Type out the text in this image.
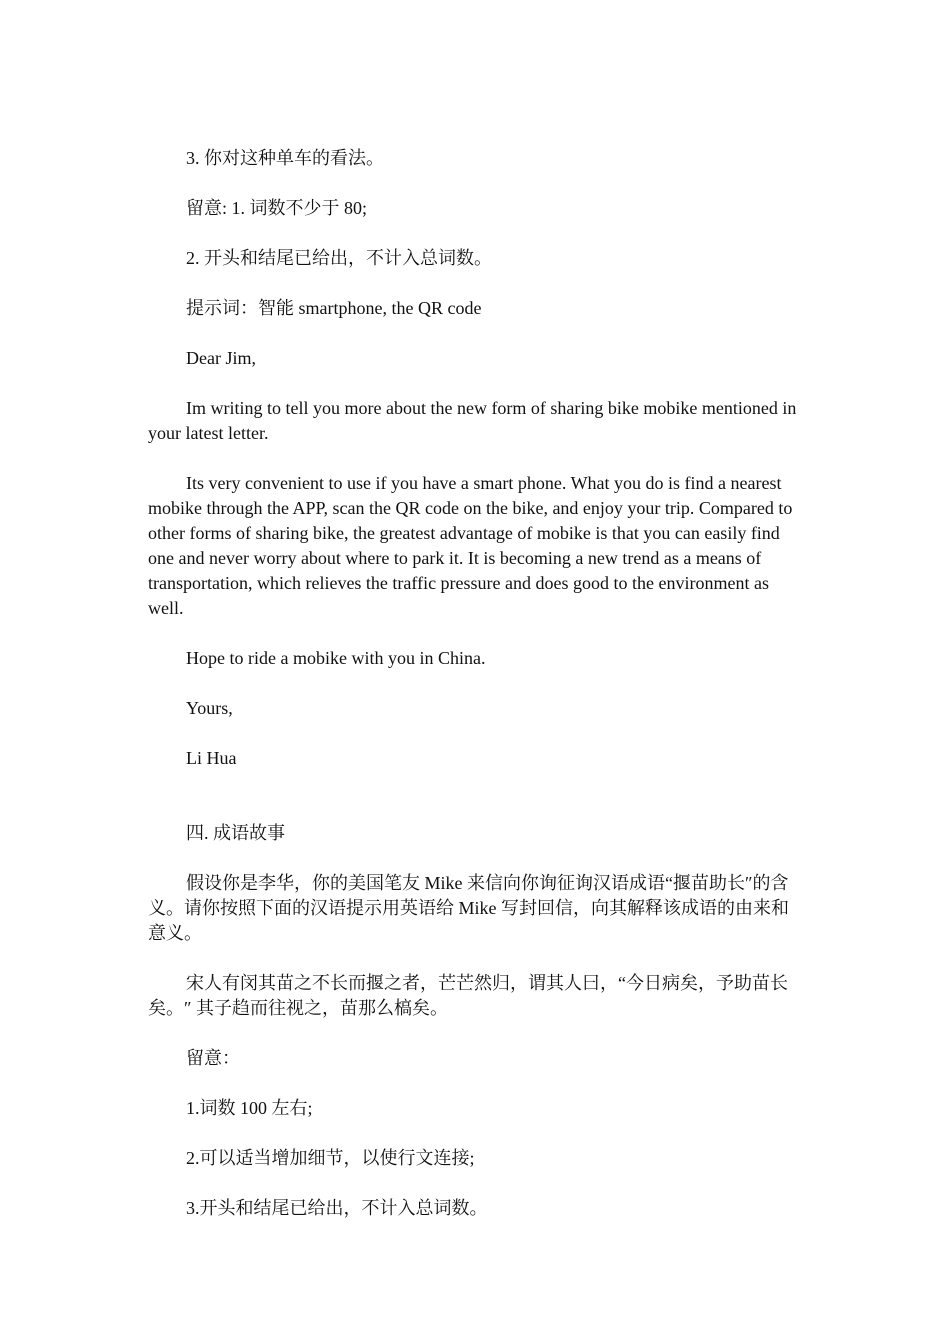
3. 你对这种单车的看法。

留意: 1. 词数不少于 80;

2. 开头和结尾已给出，不计入总词数。

提示词：智能 smartphone, the QR code

Dear Jim,

Im writing to tell you more about the new form of sharing bike mobike mentioned in your latest letter.

Its very convenient to use if you have a smart phone. What you do is find a nearest mobike through the APP, scan the QR code on the bike, and enjoy your trip. Compared to other forms of sharing bike, the greatest advantage of mobike is that you can easily find one and never worry about where to park it. It is becoming a new trend as a means of transportation, which relieves the traffic pressure and does good to the environment as well.

Hope to ride a mobike with you in China.

Yours,

Li Hua

四. 成语故事

假设你是李华，你的美国笔友 Mike 来信向你询征询汉语成语“揠苗助长″的含义。请你按照下面的汉语提示用英语给 Mike 写封回信，向其解释该成语的由来和意义。

宋人有闵其苗之不长而揠之者，芒芒然归，谓其人曰，“今日病矣，予助苗长矣。″ 其子趋而往视之，苗那么槁矣。

留意：

1.词数 100 左右;

2.可以适当增加细节，以使行文连接;

3.开头和结尾已给出，不计入总词数。
